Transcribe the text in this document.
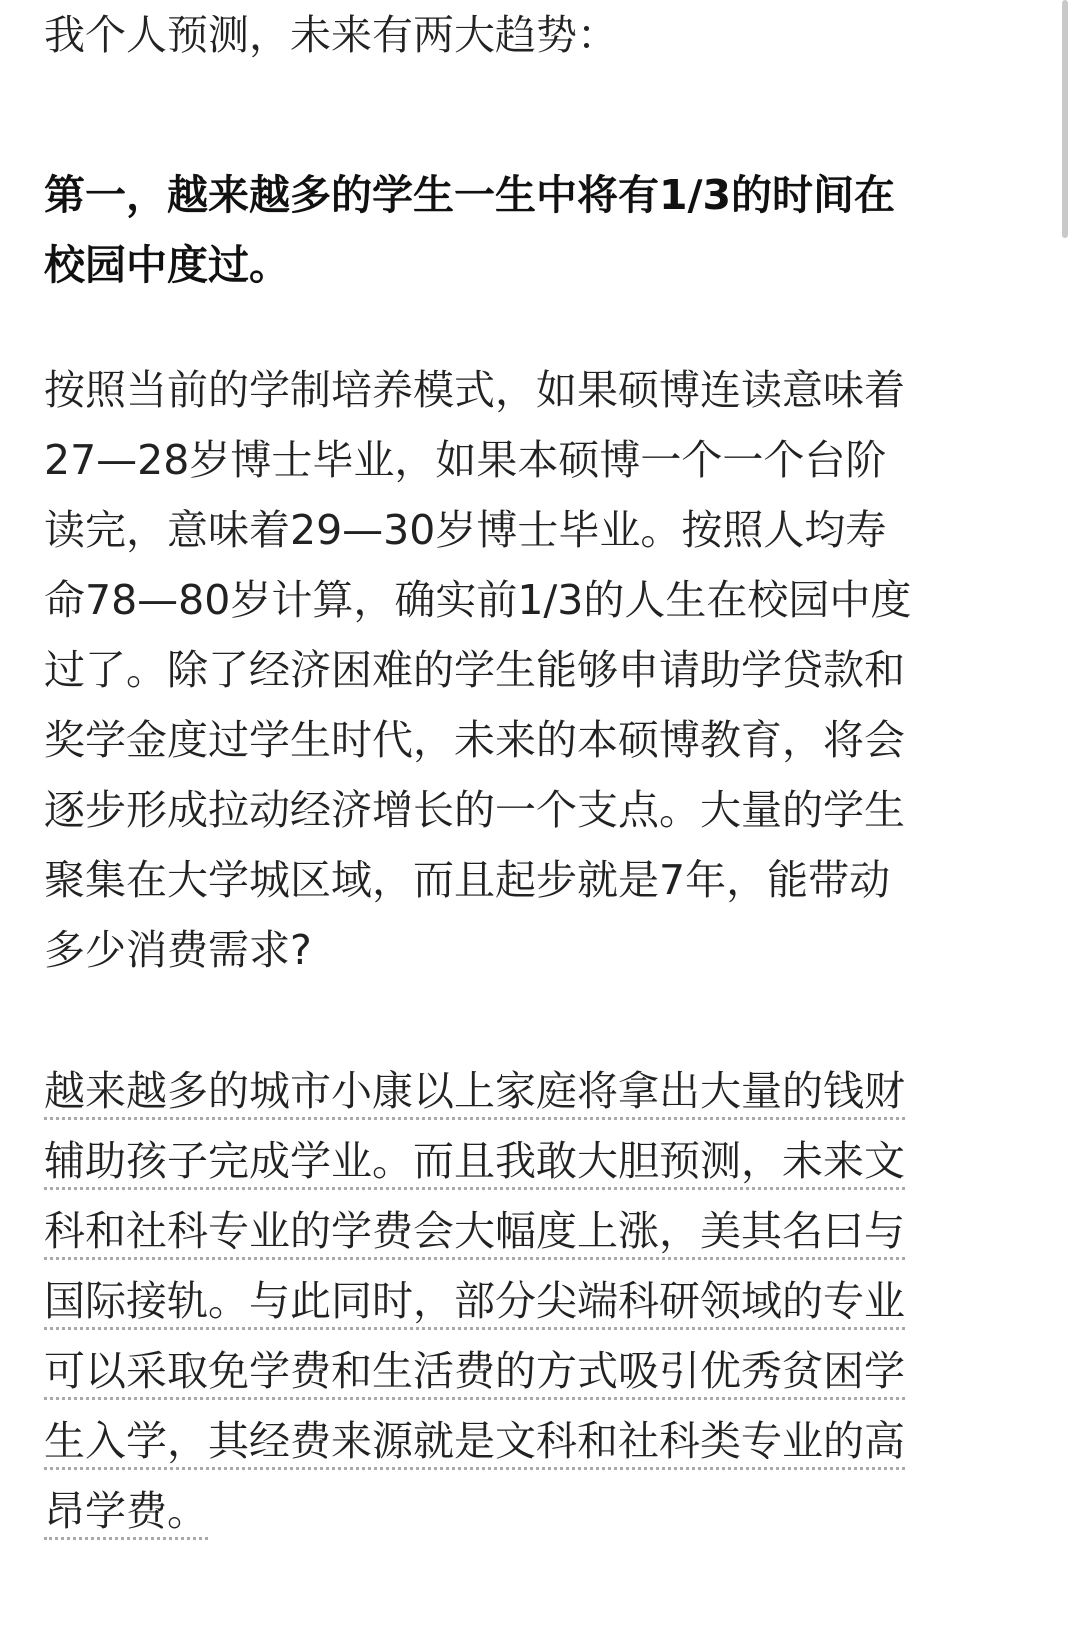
我个人预测，未来有两大趋势：

第一，越来越多的学生一生中将有1/3的时间在
校园中度过。

按照当前的学制培养模式，如果硕博连读意味着
27—28岁博士毕业，如果本硕博一个一个台阶
读完，意味着29—30岁博士毕业。按照人均寿
命78—80岁计算，确实前1/3的人生在校园中度
过了。除了经济困难的学生能够申请助学贷款和
奖学金度过学生时代，未来的本硕博教育，将会
逐步形成拉动经济增长的一个支点。大量的学生
聚集在大学城区域，而且起步就是7年，能带动
多少消费需求?

越来越多的城市小康以上家庭将拿出大量的钱财
辅助孩子完成学业。而且我敢大胆预测，未来文
科和社科专业的学费会大幅度上涨，美其名曰与
国际接轨。与此同时，部分尖端科研领域的专业
可以采取免学费和生活费的方式吸引优秀贫困学
生入学，其经费来源就是文科和社科类专业的高
昂学费。
